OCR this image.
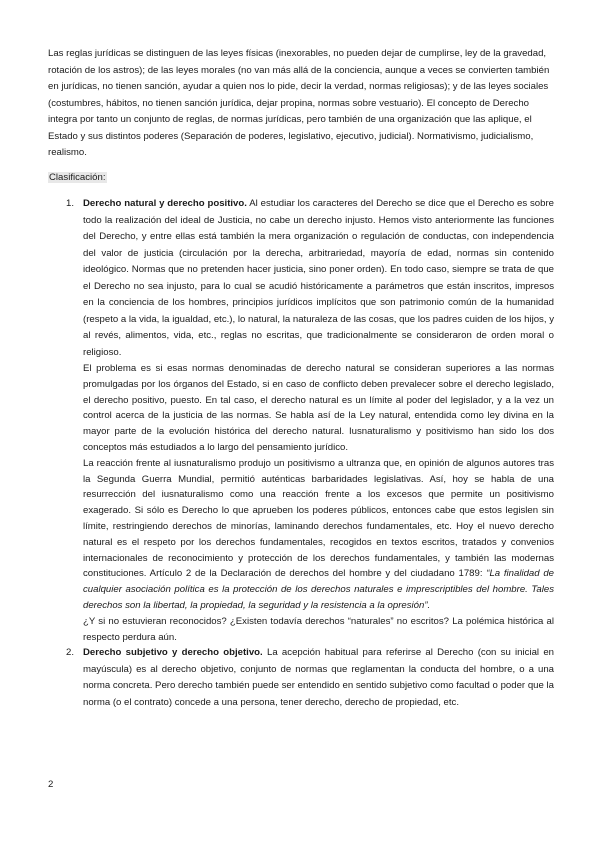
Las reglas jurídicas se distinguen de las leyes físicas (inexorables, no pueden dejar de cumplirse, ley de la gravedad, rotación de los astros); de las leyes morales (no van más allá de la conciencia, aunque a veces se convierten también en jurídicas, no tienen sanción, ayudar a quien nos lo pide, decir la verdad, normas religiosas); y de las leyes sociales (costumbres, hábitos, no tienen sanción jurídica, dejar propina, normas sobre vestuario). El concepto de Derecho integra por tanto un conjunto de reglas, de normas jurídicas, pero también de una organización que las aplique, el Estado y sus distintos poderes (Separación de poderes, legislativo, ejecutivo, judicial). Normativismo, judicialismo, realismo.

Clasificación:

1. Derecho natural y derecho positivo. Al estudiar los caracteres del Derecho se dice que el Derecho es sobre todo la realización del ideal de Justicia, no cabe un derecho injusto. Hemos visto anteriormente las funciones del Derecho, y entre ellas está también la mera organización o regulación de conductas, con independencia del valor de justicia (circulación por la derecha, arbitrariedad, mayoría de edad, normas sin contenido ideológico. Normas que no pretenden hacer justicia, sino poner orden). En todo caso, siempre se trata de que el Derecho no sea injusto, para lo cual se acudió históricamente a parámetros que están inscritos, impresos en la conciencia de los hombres, principios jurídicos implícitos que son patrimonio común de la humanidad (respeto a la vida, la igualdad, etc.), lo natural, la naturaleza de las cosas, que los padres cuiden de los hijos, y al revés, alimentos, vida, etc., reglas no escritas, que tradicionalmente se consideraron de orden moral o religioso.

El problema es si esas normas denominadas de derecho natural se consideran superiores a las normas promulgadas por los órganos del Estado, si en caso de conflicto deben prevalecer sobre el derecho legislado, el derecho positivo, puesto. En tal caso, el derecho natural es un límite al poder del legislador, y a la vez un control acerca de la justicia de las normas. Se habla así de la Ley natural, entendida como ley divina en la mayor parte de la evolución histórica del derecho natural. Iusnaturalismo y positivismo han sido los dos conceptos más estudiados a lo largo del pensamiento jurídico.

La reacción frente al iusnaturalismo produjo un positivismo a ultranza que, en opinión de algunos autores tras la Segunda Guerra Mundial, permitió auténticas barbaridades legislativas. Así, hoy se habla de una resurrección del iusnaturalismo como una reacción frente a los excesos que permite un positivismo exagerado. Si sólo es Derecho lo que aprueben los poderes públicos, entonces cabe que estos legislen sin límite, restringiendo derechos de minorías, laminando derechos fundamentales, etc. Hoy el nuevo derecho natural es el respeto por los derechos fundamentales, recogidos en textos escritos, tratados y convenios internacionales de reconocimiento y protección de los derechos fundamentales, y también las modernas constituciones. Artículo 2 de la Declaración de derechos del hombre y del ciudadano 1789: “La finalidad de cualquier asociación política es la protección de los derechos naturales e imprescriptibles del hombre. Tales derechos son la libertad, la propiedad, la seguridad y la resistencia a la opresión”.

¿Y si no estuvieran reconocidos? ¿Existen todavía derechos “naturales” no escritos? La polémica histórica al respecto perdura aún.

2. Derecho subjetivo y derecho objetivo. La acepción habitual para referirse al Derecho (con su inicial en mayúscula) es al derecho objetivo, conjunto de normas que reglamentan la conducta del hombre, o a una norma concreta. Pero derecho también puede ser entendido en sentido subjetivo como facultad o poder que la norma (o el contrato) concede a una persona, tener derecho, derecho de propiedad, etc.

2
